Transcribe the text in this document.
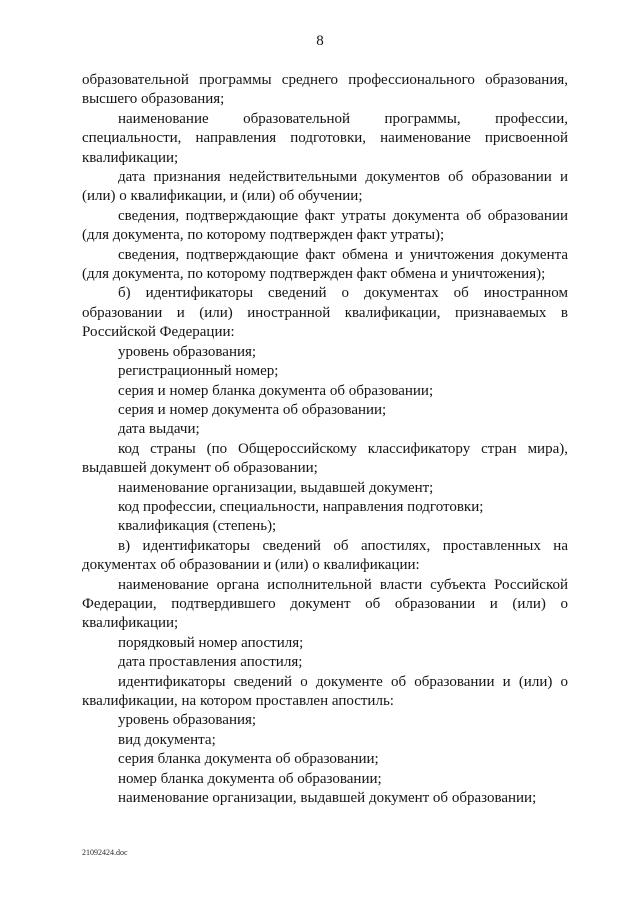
8

образовательной программы среднего профессионального образования, высшего образования;

наименование образовательной программы, профессии, специальности, направления подготовки, наименование присвоенной квалификации;

дата признания недействительными документов об образовании и (или) о квалификации, и (или) об обучении;

сведения, подтверждающие факт утраты документа об образовании (для документа, по которому подтвержден факт утраты);

сведения, подтверждающие факт обмена и уничтожения документа (для документа, по которому подтвержден факт обмена и уничтожения);

б) идентификаторы сведений о документах об иностранном образовании и (или) иностранной квалификации, признаваемых в Российской Федерации:

уровень образования;

регистрационный номер;

серия и номер бланка документа об образовании;

серия и номер документа об образовании;

дата выдачи;

код страны (по Общероссийскому классификатору стран мира), выдавшей документ об образовании;

наименование организации, выдавшей документ;

код профессии, специальности, направления подготовки;

квалификация (степень);

в) идентификаторы сведений об апостилях, проставленных на документах об образовании и (или) о квалификации:

наименование органа исполнительной власти субъекта Российской Федерации, подтвердившего документ об образовании и (или) о квалификации;

порядковый номер апостиля;

дата проставления апостиля;

идентификаторы сведений о документе об образовании и (или) о квалификации, на котором проставлен апостиль:

уровень образования;

вид документа;

серия бланка документа об образовании;

номер бланка документа об образовании;

наименование организации, выдавшей документ об образовании;

21092424.doc
